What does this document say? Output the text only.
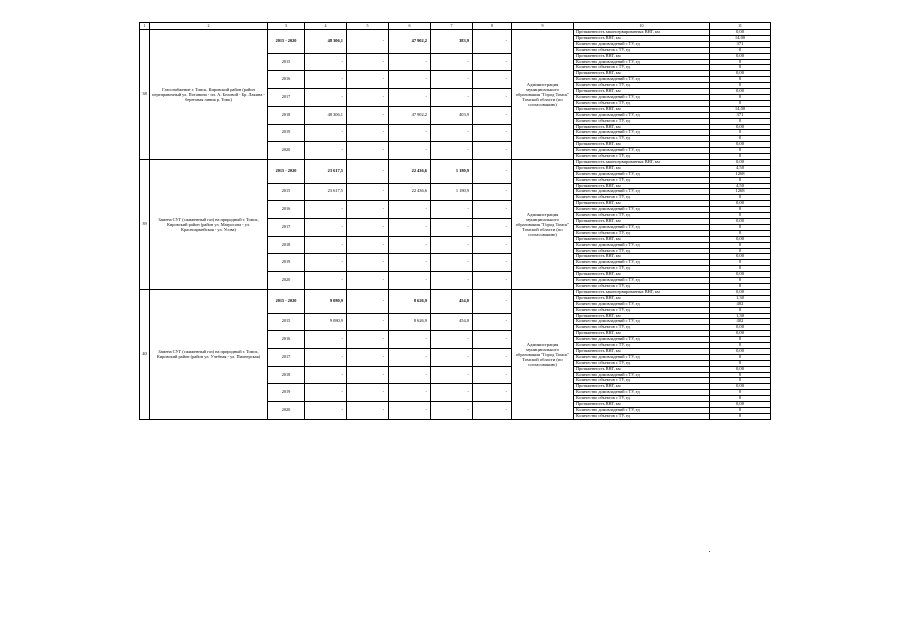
1	2	3	4	5	6	7	8	9	10	11
38	Газоснабжение г. Томск, Кировский район (район переправочный ул. Потанина - пл. А. Беловой - Бр. Лакина - береговая линия р. Томь)	2015 - 2020	48 306,1	-	47 902,2	383,9	-	Администрация муниципального образования "Город Томск" Томской области (по согласованию)	Протяженность законсервированных ВНГ, км	0,00
									Протяженность ВНГ, км	14,00
									Количество домовладений с ТУ, ед	371
									Количество объектов с ТУ, ед	0
		2015	-	-	-	-	-		Протяженность ВНГ, км	0,00
									Количество домовладений с ТУ, ед	0
									Количество объектов с ТУ, ед	0
		2016	-	-	-	-	-		Протяженность ВНГ, км	0,00
									Количество домовладений с ТУ, ед	0
									Количество объектов с ТУ, ед	0
		2017	-	-	-	-	-		Протяженность ВНГ, км	0,00
									Количество домовладений с ТУ, ед	0
									Количество объектов с ТУ, ед	0
		2018	48 306,1	-	47 902,2	403,9	-		Протяженность ВНГ, км	14,00
									Количество домовладений с ТУ, ед	371
									Количество объектов с ТУ, ед	0
		2019	-	-	-	-	-		Протяженность ВНГ, км	0,00
									Количество домовладений с ТУ, ед	0
									Количество объектов с ТУ, ед	0
		2020	-	-	-	-	-		Протяженность ВНГ, км	0,00
									Количество домовладений с ТУ, ед	0
									Количество объектов с ТУ, ед	0
39	Замена СУГ (сжиженный газ) на природный г. Томск, Кировский район (район ул. Матросова - ул. Красноармейская - ул. Усова)	2015 - 2020	23 617,5	-	22 436,6	1 180,9	-	Администрация муниципального образования "Город Томск" Томской области (по согласованию)	Протяженность законсервированных ВНГ, км	0,00
									Протяженность ВНГ, км	4,50
									Количество домовладений с ТУ, ед	1268
									Количество объектов с ТУ, ед	0
		2015	23 617,5	-	22 436,6	1 180,9	-		Протяженность ВНГ, км	4,50
									Количество домовладений с ТУ, ед	1268
									Количество объектов с ТУ, ед	0
		2016	-	-	-	-	-		Протяженность ВНГ, км	0,00
									Количество домовладений с ТУ, ед	0
									Количество объектов с ТУ, ед	0
		2017	-	-	-	-	-		Протяженность ВНГ, км	0,00
									Количество домовладений с ТУ, ед	0
									Количество объектов с ТУ, ед	0
		2018	-	-	-	-	-		Протяженность ВНГ, км	0,00
									Количество домовладений с ТУ, ед	0
									Количество объектов с ТУ, ед	0
		2019	-	-	-	-	-		Протяженность ВНГ, км	0,00
									Количество домовладений с ТУ, ед	0
									Количество объектов с ТУ, ед	0
		2020	-	-	-	-	-		Протяженность ВНГ, км	0,00
									Количество домовладений с ТУ, ед	0
									Количество объектов с ТУ, ед	0
40	Замена СУГ (сжиженный газ) на природный г. Томск, Кировский район (район ул. Учебная - ул. Пионерская)	2015 - 2020	9 080,9	-	8 626,9	454,0	-	Администрация муниципального образования "Город Томск" Томской области (по согласованию)	Протяженность законсервированных ВНГ, км	0,00
									Протяженность ВНГ, км	1,30
									Количество домовладений с ТУ, ед	402
									Количество объектов с ТУ, ед	0
		2015	9 080,9	-	8 626,9	454,0	-		Протяженность ВНГ, км	1,30
									Количество домовладений с ТУ, ед	402
									Количество объектов с ТУ, ед	0,00
		2016	-	-	-	-	-		Протяженность ВНГ, км	0,00
									Количество домовладений с ТУ, ед	0
									Количество объектов с ТУ, ед	0
		2017	-	-	-	-	-		Протяженность ВНГ, км	0,00
									Количество домовладений с ТУ, ед	0
									Количество объектов с ТУ, ед	0
		2018	-	-	-	-	-		Протяженность ВНГ, км	0,00
									Количество домовладений с ТУ, ед	0
									Количество объектов с ТУ, ед	0
		2019	-	-	-	-	-		Протяженность ВНГ, км	0,00
									Количество домовладений с ТУ, ед	0
									Количество объектов с ТУ, ед	0
		2020	-	-	-	-	-		Протяженность ВНГ, км	0,00
									Количество домовладений с ТУ, ед	0
									Количество объектов с ТУ, ед	0
